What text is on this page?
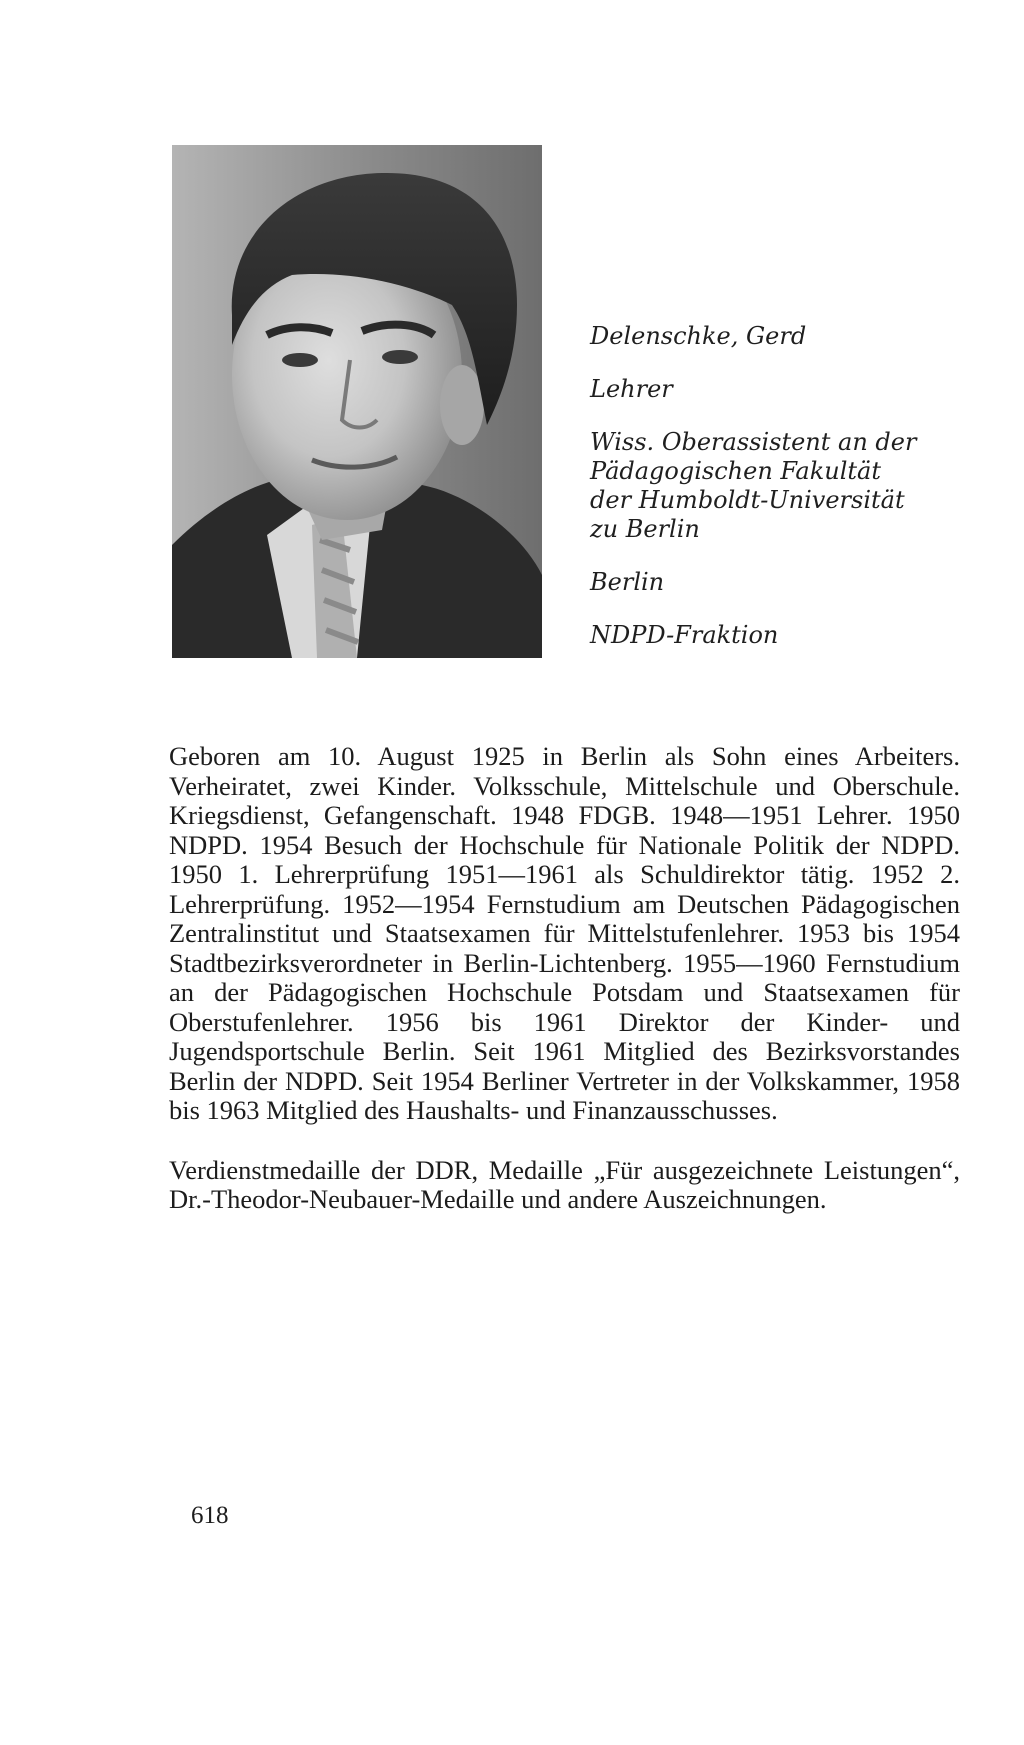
Delenschke, Gerd
Lehrer
Wiss. Oberassistent an der
Pädagogischen Fakultät
der Humboldt-Universität
zu Berlin
Berlin
NDPD-Fraktion

Geboren am 10. August 1925 in Berlin als Sohn eines Arbeiters. Verheiratet, zwei Kinder. Volksschule, Mittelschule und Oberschule. Kriegsdienst, Gefangenschaft. 1948 FDGB. 1948—1951 Lehrer. 1950 NDPD. 1954 Besuch der Hochschule für Nationale Politik der NDPD. 1950 1. Lehrerprüfung 1951—1961 als Schuldirektor tätig. 1952 2. Lehrerprüfung. 1952—1954 Fernstudium am Deutschen Pädagogischen Zentralinstitut und Staatsexamen für Mittelstufenlehrer. 1953 bis 1954 Stadtbezirksverordneter in Berlin-Lichtenberg. 1955—1960 Fernstudium an der Pädagogischen Hochschule Potsdam und Staatsexamen für Oberstufenlehrer. 1956 bis 1961 Direktor der Kinder- und Jugendsportschule Berlin. Seit 1961 Mitglied des Bezirksvorstandes Berlin der NDPD. Seit 1954 Berliner Vertreter in der Volkskammer, 1958 bis 1963 Mitglied des Haushalts- und Finanzausschusses.

Verdienstmedaille der DDR, Medaille „Für ausgezeichnete Leistungen“, Dr.-Theodor-Neubauer-Medaille und andere Auszeichnungen.

618
